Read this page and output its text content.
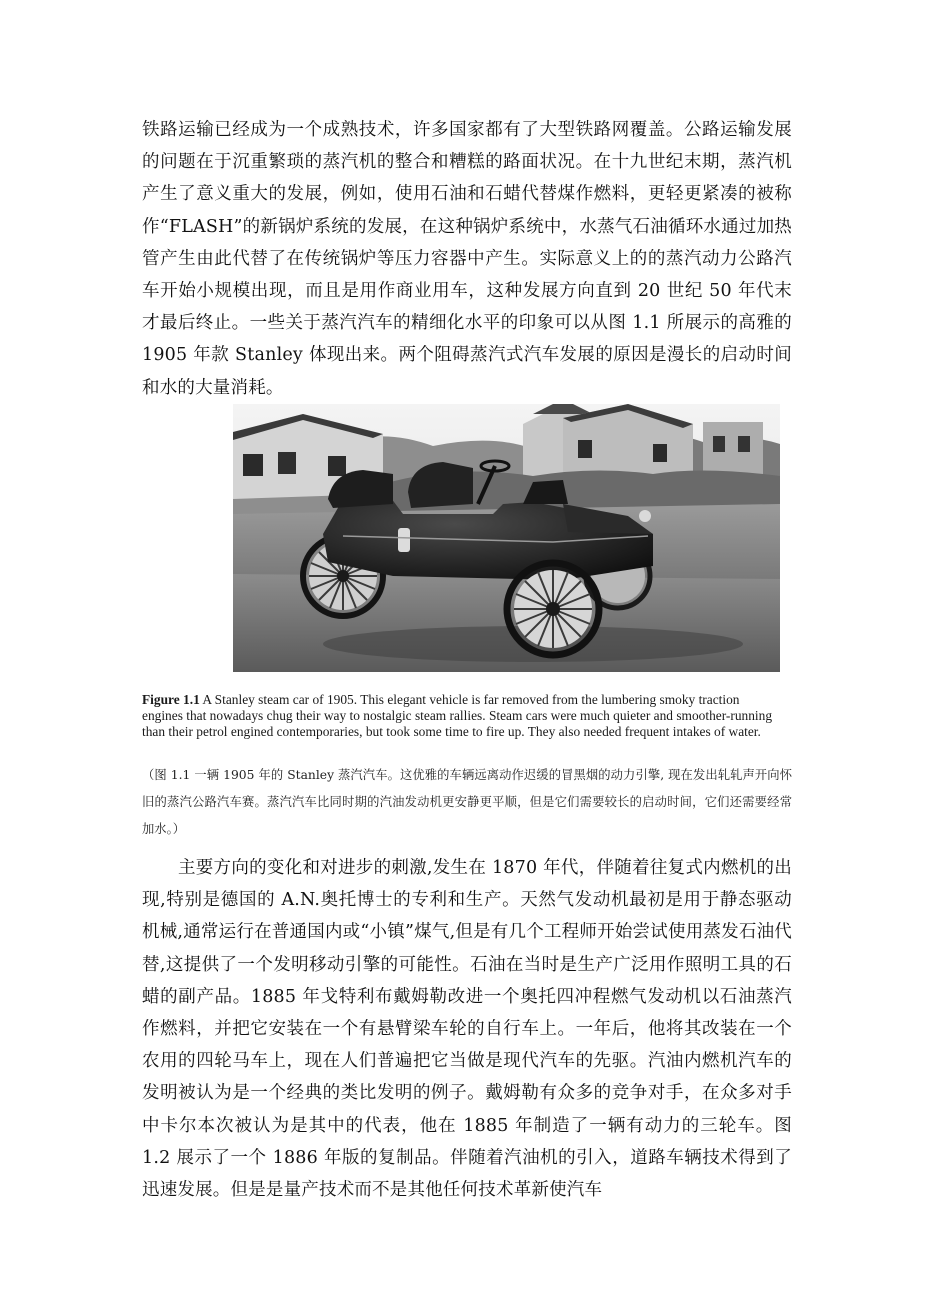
铁路运输已经成为一个成熟技术，许多国家都有了大型铁路网覆盖。公路运输发展的问题在于沉重繁琐的蒸汽机的整合和糟糕的路面状况。在十九世纪末期，蒸汽机产生了意义重大的发展，例如，使用石油和石蜡代替煤作燃料，更轻更紧凑的被称作“FLASH”的新锅炉系统的发展，在这种锅炉系统中，水蒸气石油循环水通过加热管产生由此代替了在传统锅炉等压力容器中产生。实际意义上的的蒸汽动力公路汽车开始小规模出现，而且是用作商业用车，这种发展方向直到 20 世纪 50 年代末才最后终止。一些关于蒸汽汽车的精细化水平的印象可以从图 1.1 所展示的高雅的 1905 年款 Stanley 体现出来。两个阻碍蒸汽式汽车发展的原因是漫长的启动时间和水的大量消耗。

Figure 1.1 A Stanley steam car of 1905. This elegant vehicle is far removed from the lumbering smoky traction engines that nowadays chug their way to nostalgic steam rallies. Steam cars were much quieter and smoother-running than their petrol engined contemporaries, but took some time to fire up. They also needed frequent intakes of water.

（图 1.1 一辆 1905 年的 Stanley 蒸汽汽车。这优雅的车辆远离动作迟缓的冒黑烟的动力引擎, 现在发出轧轧声开向怀旧的蒸汽公路汽车赛。蒸汽汽车比同时期的汽油发动机更安静更平顺，但是它们需要较长的启动时间，它们还需要经常加水。）

主要方向的变化和对进步的刺激,发生在 1870 年代，伴随着往复式内燃机的出现,特别是德国的 A.N.奥托博士的专利和生产。天然气发动机最初是用于静态驱动机械,通常运行在普通国内或“小镇”煤气,但是有几个工程师开始尝试使用蒸发石油代替,这提供了一个发明移动引擎的可能性。石油在当时是生产广泛用作照明工具的石蜡的副产品。1885 年戈特利布戴姆勒改进一个奥托四冲程燃气发动机以石油蒸汽作燃料，并把它安装在一个有悬臂梁车轮的自行车上。一年后，他将其改装在一个农用的四轮马车上，现在人们普遍把它当做是现代汽车的先驱。汽油内燃机汽车的发明被认为是一个经典的类比发明的例子。戴姆勒有众多的竞争对手，在众多对手中卡尔本次被认为是其中的代表，他在 1885 年制造了一辆有动力的三轮车。图 1.2 展示了一个 1886 年版的复制品。伴随着汽油机的引入，道路车辆技术得到了迅速发展。但是是量产技术而不是其他任何技术革新使汽车
